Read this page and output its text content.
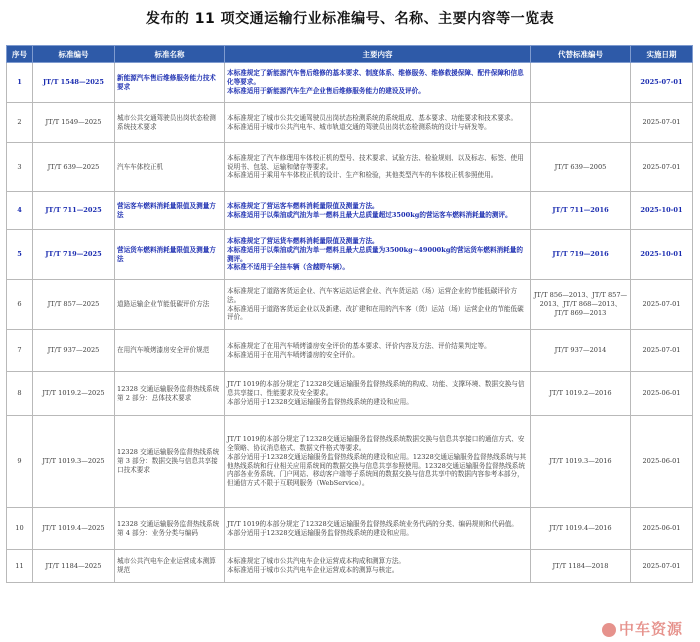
发布的 11 项交通运输行业标准编号、名称、主要内容等一览表
序号	标准编号	标准名称	主要内容	代替标准编号	实施日期
1	JT/T 1548—2025	新能源汽车售后维修服务能力技术要求	本标准规定了新能源汽车售后维修的基本要求、制度体系、维修服务、维修救援保障、配件保障和信息化等要求。
本标准适用于新能源汽车生产企业售后维修服务能力的建设及评价。		2025-07-01
2	JT/T 1549—2025	城市公共交通驾驶员出岗状态检测系统技术要求	本标准规定了城市公共交通驾驶员出岗状态检测系统的系统组成、基本要求、功能要求和技术要求。
本标准适用于城市公共汽电车、城市轨道交通的驾驶员出岗状态检测系统的设计与研发等。		2025-07-01
3	JT/T 639—2025	汽车车体校正机	本标准规定了汽车修理用车体校正机的型号、技术要求、试验方法、检验规则、以及标志、标签、使用说明书、包装、运输和储存等要求。
本标准适用于乘用车车体校正机的设计、生产和检验，其他类型汽车的车体校正机参照使用。	JT/T 639—2005	2025-07-01
4	JT/T 711—2025	营运客车燃料消耗量限值及测量方法	本标准规定了营运客车燃料消耗量限值及测量方法。
本标准适用于以柴油或汽油为单一燃料且最大总质量超过3500kg的营运客车燃料消耗量的测评。	JT/T 711—2016	2025-10-01
5	JT/T 719—2025	营运货车燃料消耗量限值及测量方法	本标准规定了营运货车燃料消耗量限值及测量方法。
本标准适用于以柴油或汽油为单一燃料且最大总质量为3500kg~49000kg的营运货车燃料消耗量的测评。
本标准不适用于全挂车辆（含越野车辆）。	JT/T 719—2016	2025-10-01
6	JT/T 857—2025	道路运输企业节能低碳评价方法	本标准规定了道路客货运企业、汽车客运站运营企业、汽车货运站（场）运营企业的节能低碳评价方法。
本标准适用于道路客货运企业以及新建、改扩建和在用的汽车客（货）运站（场）运营企业的节能低碳评价。	JT/T 856—2013、JT/T 857—2013、JT/T 868—2013、JT/T 869—2013	2025-07-01
7	JT/T 937—2025	在用汽车喷烤漆房安全评价规范	本标准规定了在用汽车喷烤漆房安全评价的基本要求、评价内容及方法、评价结果判定等。
本标准适用于在用汽车喷烤漆房的安全评价。	JT/T 937—2014	2025-07-01
8	JT/T 1019.2—2025	12328 交通运输服务监督热线系统 第 2 部分：总体技术要求	JT/T 1019的本部分规定了12328交通运输服务监督热线系统的构成、功能、支撑环境、数据交换与信息共享接口、性能要求及安全要求。
本部分适用于12328交通运输服务监督热线系统的建设和应用。	JT/T 1019.2—2016	2025-06-01
9	JT/T 1019.3—2025	12328 交通运输服务监督热线系统 第 3 部分：数据交换与信息共享接口技术要求	JT/T 1019的本部分规定了12328交通运输服务监督热线系统数据交换与信息共享接口的通信方式、安全策略、协议消息格式、数据文件格式等要求。
本部分适用于12328交通运输服务监督热线系统的建设和应用。12328交通运输服务监督热线系统与其他热线系统和行业相关应用系统间的数据交换与信息共享参照使用。12328交通运输服务监督热线系统内部各业务系统、门户网站、移动客户端等子系统间的数据交换与信息共享中的数据内容参考本部分，但通信方式不限于互联网服务（WebService）。	JT/T 1019.3—2016	2025-06-01
10	JT/T 1019.4—2025	12328 交通运输服务监督热线系统 第 4 部分：业务分类与编码	JT/T 1019的本部分规定了12328交通运输服务监督热线系统业务代码的分类、编码规则和代码值。
本部分适用于12328交通运输服务监督热线系统的建设和应用。	JT/T 1019.4—2016	2025-06-01
11	JT/T 1184—2025	城市公共汽电车企业运营成本测算规范	本标准规定了城市公共汽电车企业运营成本构成和测算方法。
本标准适用于城市公共汽电车企业运营成本的测算与核定。	JT/T 1184—2018	2025-07-01
中车资源
